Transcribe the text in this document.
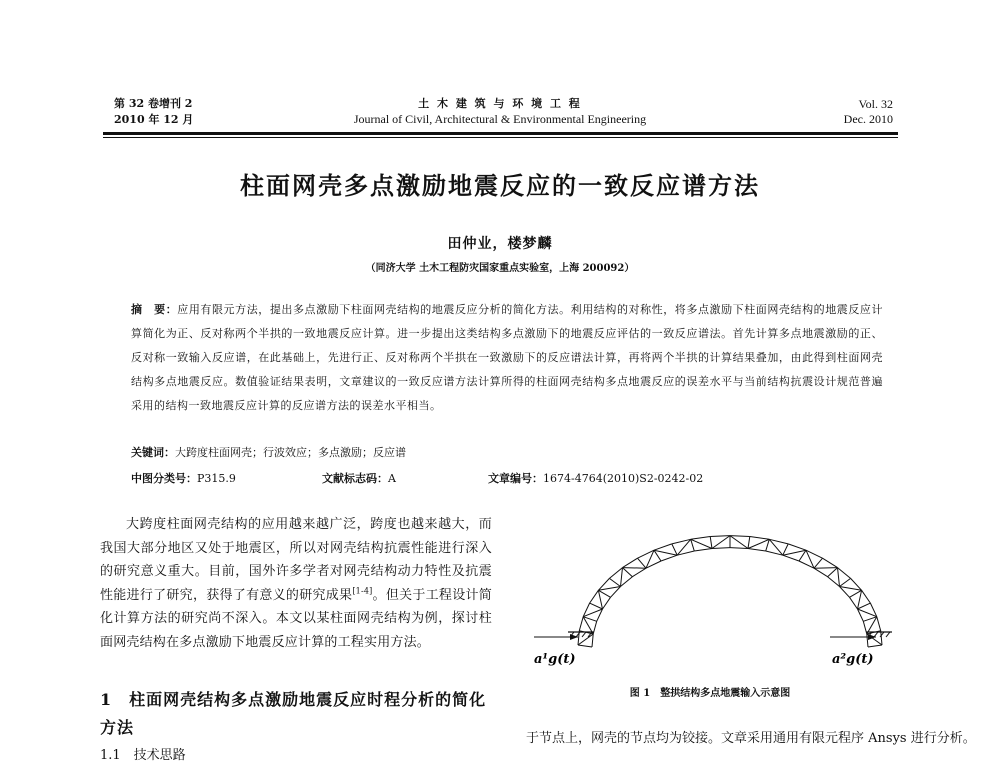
第 32 卷增刊 2
2010 年 12 月
土 木 建 筑 与 环 境 工 程
Journal of Civil, Architectural & Environmental Engineering
Vol. 32
Dec. 2010
柱面网壳多点激励地震反应的一致反应谱方法
田仲业，楼梦麟
（同济大学 土木工程防灾国家重点实验室，上海 200092）
摘　要：应用有限元方法，提出多点激励下柱面网壳结构的地震反应分析的简化方法。利用结构的对称性，将多点激励下柱面网壳结构的地震反应计算简化为正、反对称两个半拱的一致地震反应计算。进一步提出这类结构多点激励下的地震反应评估的一致反应谱法。首先计算多点地震激励的正、反对称一致输入反应谱，在此基础上，先进行正、反对称两个半拱在一致激励下的反应谱法计算，再将两个半拱的计算结果叠加，由此得到柱面网壳结构多点地震反应。数值验证结果表明，文章建议的一致反应谱方法计算所得的柱面网壳结构多点地震反应的误差水平与当前结构抗震设计规范普遍采用的结构一致地震反应计算的反应谱方法的误差水平相当。
关键词：大跨度柱面网壳；行波效应；多点激励；反应谱
中图分类号：P315.9	文献标志码：A	文章编号：1674-4764(2010)S2-0242-02

大跨度柱面网壳结构的应用越来越广泛，跨度也越来越大，而我国大部分地区又处于地震区，所以对网壳结构抗震性能进行深入的研究意义重大。目前，国外许多学者对网壳结构动力特性及抗震性能进行了研究，获得了有意义的研究成果[1-4]。但关于工程设计简化计算方法的研究尚不深入。本文以某柱面网壳结构为例，探讨柱面网壳结构在多点激励下地震反应计算的工程实用方法。

1　 柱面网壳结构多点激励地震反应时程分析的简化方法
1.1　技术思路
a¹g(t)	a²g(t)
图 1　整拱结构多点地震输入示意图
于节点上，网壳的节点均为铰接。文章采用通用有限元程序 Ansys 进行分析。
